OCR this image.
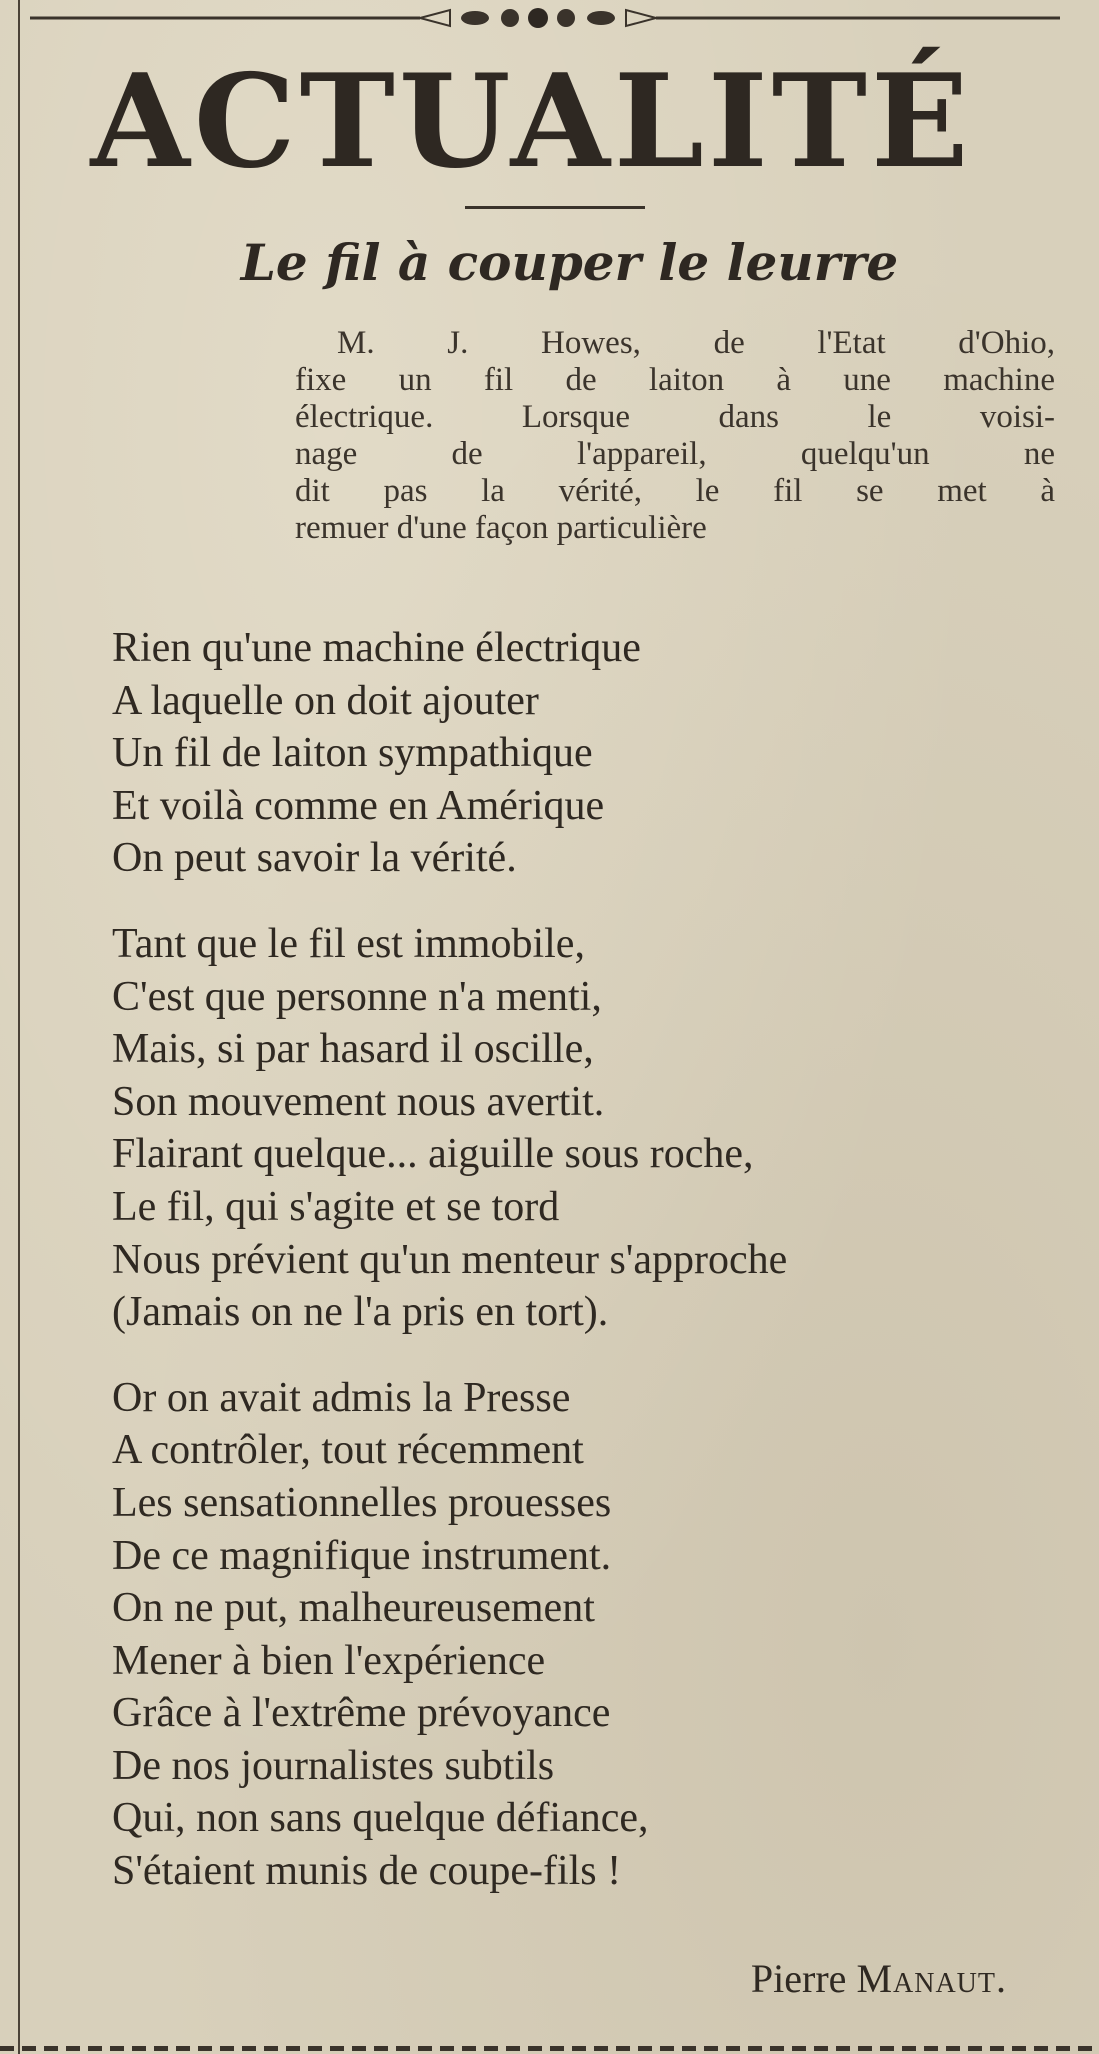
ACTUALITÉ
Le fil à couper le leurre
M. J. Howes, de l'Etat d'Ohio,
fixe un fil de laiton à une machine
électrique. Lorsque dans le voisi-
nage de l'appareil, quelqu'un ne
dit pas la vérité, le fil se met à
remuer d'une façon particulière
Rien qu'une machine électrique
A laquelle on doit ajouter
Un fil de laiton sympathique
Et voilà comme en Amérique
On peut savoir la vérité.
Tant que le fil est immobile,
C'est que personne n'a menti,
Mais, si par hasard il oscille,
Son mouvement nous avertit.
Flairant quelque... aiguille sous roche,
Le fil, qui s'agite et se tord
Nous prévient qu'un menteur s'approche
(Jamais on ne l'a pris en tort).
Or on avait admis la Presse
A contrôler, tout récemment
Les sensationnelles prouesses
De ce magnifique instrument.
On ne put, malheureusement
Mener à bien l'expérience
Grâce à l'extrême prévoyance
De nos journalistes subtils
Qui, non sans quelque défiance,
S'étaient munis de coupe-fils !
Pierre Manaut.
